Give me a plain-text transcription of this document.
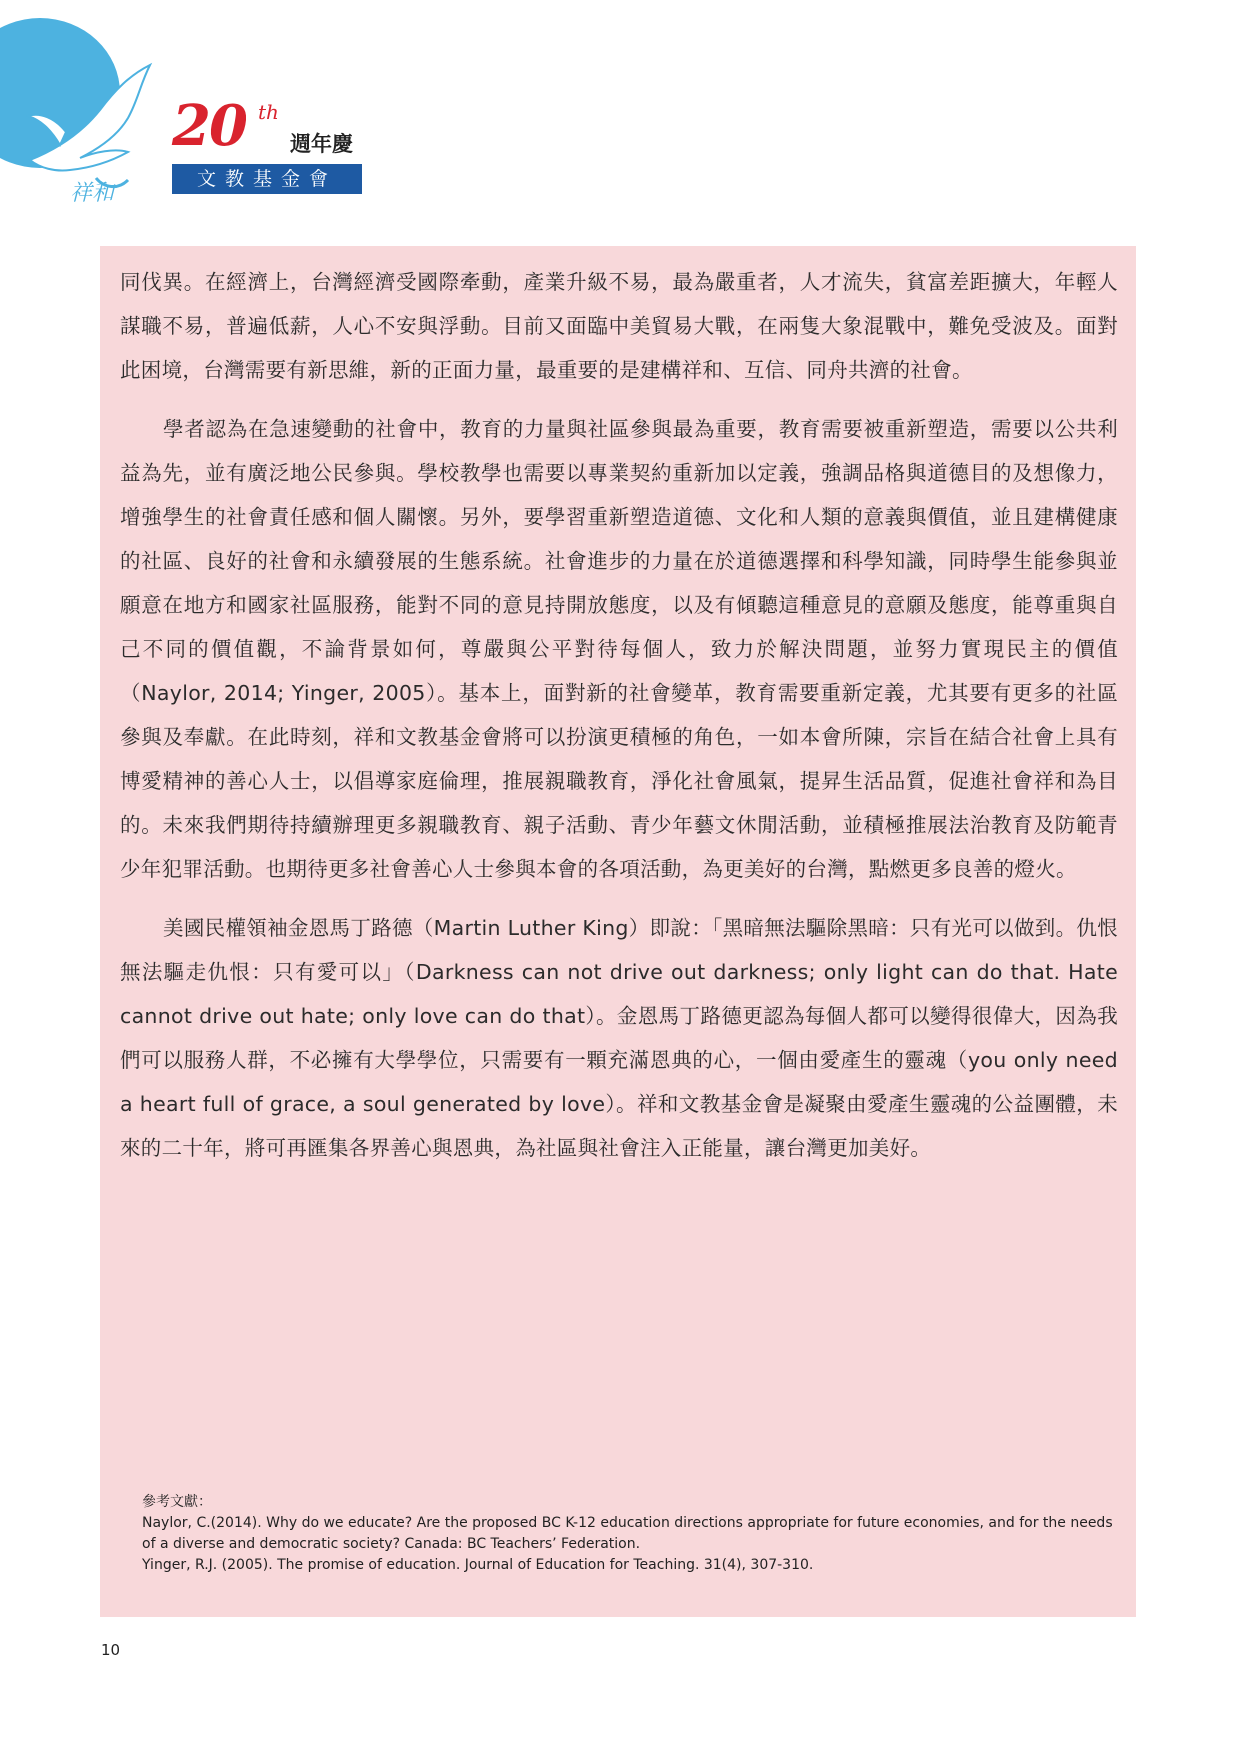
祥和
20 th
週年慶
文教基金會

同伐異。在經濟上，台灣經濟受國際牽動，產業升級不易，最為嚴重者，人才流失，貧富差距擴大，年輕人謀職不易，普遍低薪，人心不安與浮動。目前又面臨中美貿易大戰，在兩隻大象混戰中，難免受波及。面對此困境，台灣需要有新思維，新的正面力量，最重要的是建構祥和、互信、同舟共濟的社會。

學者認為在急速變動的社會中，教育的力量與社區參與最為重要，教育需要被重新塑造，需要以公共利益為先，並有廣泛地公民參與。學校教學也需要以專業契約重新加以定義，強調品格與道德目的及想像力，增強學生的社會責任感和個人關懷。另外，要學習重新塑造道德、文化和人類的意義與價值，並且建構健康的社區、良好的社會和永續發展的生態系統。社會進步的力量在於道德選擇和科學知識，同時學生能參與並願意在地方和國家社區服務，能對不同的意見持開放態度，以及有傾聽這種意見的意願及態度，能尊重與自己不同的價值觀，不論背景如何，尊嚴與公平對待每個人，致力於解決問題，並努力實現民主的價值（Naylor, 2014; Yinger, 2005）。基本上，面對新的社會變革，教育需要重新定義，尤其要有更多的社區參與及奉獻。在此時刻，祥和文教基金會將可以扮演更積極的角色，一如本會所陳，宗旨在結合社會上具有博愛精神的善心人士，以倡導家庭倫理，推展親職教育，淨化社會風氣，提昇生活品質，促進社會祥和為目的。未來我們期待持續辦理更多親職教育、親子活動、青少年藝文休閒活動，並積極推展法治教育及防範青少年犯罪活動。也期待更多社會善心人士參與本會的各項活動，為更美好的台灣，點燃更多良善的燈火。

美國民權領袖金恩馬丁路德（Martin Luther King）即說：「黑暗無法驅除黑暗：只有光可以做到。仇恨無法驅走仇恨：只有愛可以」（Darkness can not drive out darkness; only light can do that. Hate cannot drive out hate; only love can do that）。金恩馬丁路德更認為每個人都可以變得很偉大，因為我們可以服務人群，不必擁有大學學位，只需要有一顆充滿恩典的心，一個由愛產生的靈魂（you only need a heart full of grace, a soul generated by love）。祥和文教基金會是凝聚由愛產生靈魂的公益團體，未來的二十年，將可再匯集各界善心與恩典，為社區與社會注入正能量，讓台灣更加美好。

參考文獻：
Naylor, C.(2014). Why do we educate? Are the proposed BC K-12 education directions appropriate for future economies, and for the needs of a diverse and democratic society? Canada: BC Teachers’ Federation.
Yinger, R.J. (2005). The promise of education. Journal of Education for Teaching. 31(4), 307-310.
10
